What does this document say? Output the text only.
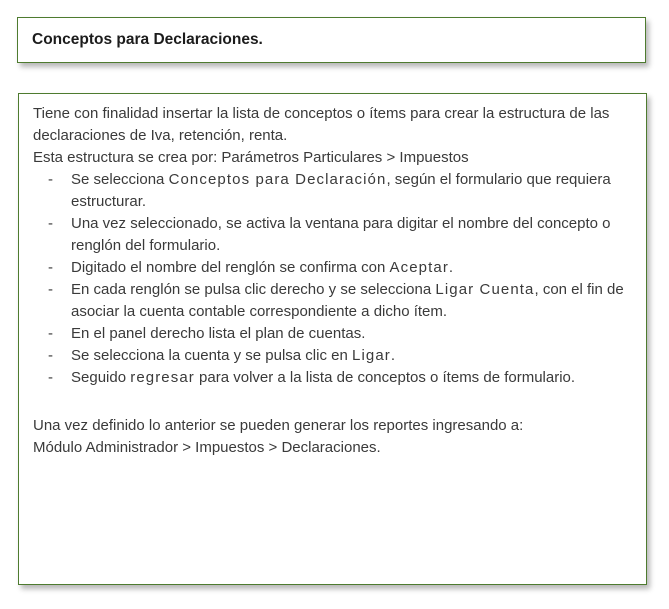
Conceptos para Declaraciones.

Tiene con finalidad insertar la lista de conceptos o ítems para crear la estructura de las declaraciones de Iva, retención, renta.

Esta estructura se crea por: Parámetros Particulares > Impuestos

- Se selecciona Conceptos para Declaración, según el formulario que requiera estructurar.
- Una vez seleccionado, se activa la ventana para digitar el nombre del concepto o renglón del formulario.
- Digitado el nombre del renglón se confirma con Aceptar.
- En cada renglón se pulsa clic derecho y se selecciona Ligar Cuenta, con el fin de asociar la cuenta contable correspondiente a dicho ítem.
- En el panel derecho lista el plan de cuentas.
- Se selecciona la cuenta y se pulsa clic en Ligar.
- Seguido regresar para volver a la lista de conceptos o ítems de formulario.

Una vez definido lo anterior se pueden generar los reportes ingresando a:
Módulo Administrador > Impuestos > Declaraciones.
